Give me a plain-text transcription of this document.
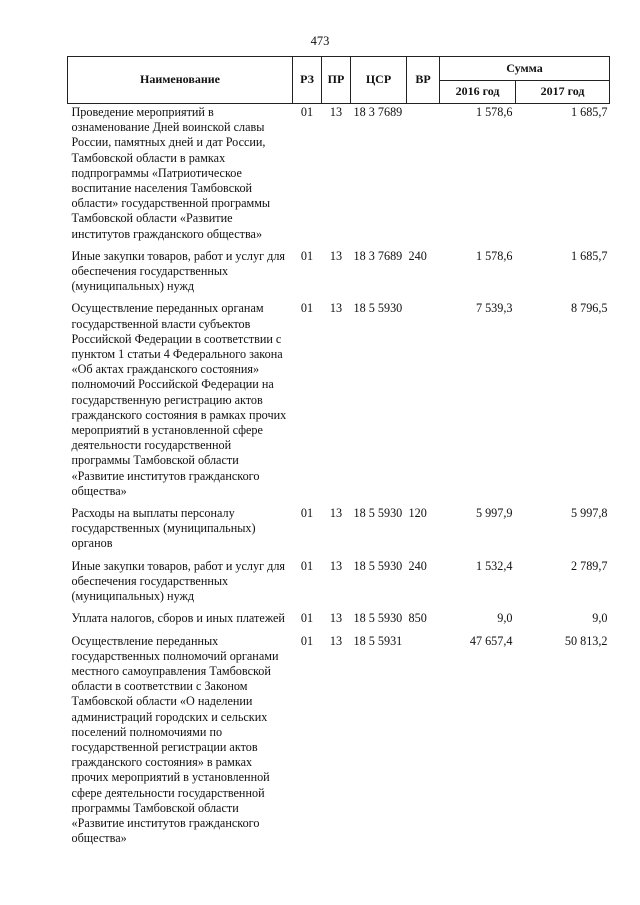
473
Наименование	РЗ	ПР	ЦСР	ВР	Сумма	
					2016 год	2017 год
Проведение мероприятий в ознаменование Дней воинской славы России, памятных дней и дат России, Тамбовской области в рамках подпрограммы «Патриотическое воспитание населения Тамбовской области» государственной программы Тамбовской области «Развитие институтов гражданского общества»	01	13	18 3 7689		1 578,6	1 685,7
Иные закупки товаров, работ и услуг для обеспечения государственных (муниципальных) нужд	01	13	18 3 7689	240	1 578,6	1 685,7
Осуществление переданных органам государственной власти субъектов Российской Федерации в соответствии с пунктом 1 статьи 4 Федерального закона «Об актах гражданского состояния» полномочий Российской Федерации на государственную регистрацию актов гражданского состояния в рамках прочих мероприятий в установленной сфере деятельности государственной программы Тамбовской области «Развитие институтов гражданского общества»	01	13	18 5 5930		7 539,3	8 796,5
Расходы на выплаты персоналу государственных (муниципальных) органов	01	13	18 5 5930	120	5 997,9	5 997,8
Иные закупки товаров, работ и услуг для обеспечения государственных (муниципальных) нужд	01	13	18 5 5930	240	1 532,4	2 789,7
Уплата налогов, сборов и иных платежей	01	13	18 5 5930	850	9,0	9,0
Осуществление переданных государственных полномочий органами местного самоуправления Тамбовской области в соответствии с Законом Тамбовской области «О наделении администраций городских и сельских поселений полномочиями по государственной регистрации актов гражданского состояния» в рамках прочих мероприятий в установленной сфере деятельности государственной программы Тамбовской области «Развитие институтов гражданского общества»	01	13	18 5 5931		47 657,4	50 813,2
